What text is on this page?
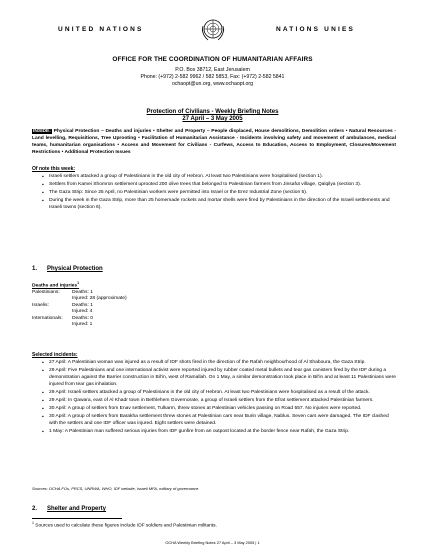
UNITED NATIONS	NATIONS UNIES
OFFICE FOR THE COORDINATION OF HUMANITARIAN AFFAIRS
P.O. Box 38712, East Jerusalem
Phone: (+972) 2-582 9962 / 582 5853, Fax: (+972) 2-582 5841
ochaopt@un.org, www.ochaopt.org
Protection of Civilians - Weekly Briefing Notes
27 April – 3 May 2005
INSIDE: Physical Protection – Deaths and injuries • Shelter and Property – People displaced, House demolitions, Demolition orders • Natural Resources - Land levelling, Requisitions, Tree Uprooting • Facilitation of Humanitarian Assistance - Incidents involving safety and movement of ambulances, medical teams, humanitarian organisations • Access and Movement for Civilians - Curfews, Access to Education, Access to Employment, Closures/Movement Restrictions • Additional Protection Issues
Of note this week:
▪ Israeli settlers attacked a group of Palestinians in the old city of Hebron. At least two Palestinians were hospitalised (section 1).
▪ Settlers from Kamei Shomron settlement uprooted 200 olive trees that belonged to Palestinian farmers from Jinsafut village, Qalqilya (section 3).
▪ The Gaza Strip: Since 25 April, no Palestinian workers were permitted into Israel or the Erez Industrial Zone (section 5).
▪ During the week in the Gaza Strip, more than 25 homemade rockets and mortar shells were fired by Palestinians in the direction of the Israeli settlements and Israeli towns (section 6).
1. Physical Protection
Deaths and injuries$^1$
Palestinians:	Deaths: 1
Injured: 28 (approximate)
Israelis:	Deaths: 1
Injured: 4
Internationals:	Deaths: 0
Injured: 1
Selected incidents:
▪ 27 April: A Palestinian woman was injured as a result of IDF shots fired in the direction of the Rafah neighbourhood of Al Shaboura, the Gaza Strip.
▪ 29 April: Five Palestinians and one international activist were reported injured by rubber coated metal bullets and tear gas canisters fired by the IDF during a demonstration against the Barrier construction in Bil'in, west of Ramallah. On 1 May, a similar demonstration took place in Bil'in and at least 11 Palestinians were injured from tear gas inhalation.
▪ 29 April: Israeli settlers attacked a group of Palestinians in the old city of Hebron. At least two Palestinians were hospitalised as a result of the attack.
▪ 29 April: In Qawara, east of Al Khadr town in Bethlehem Governorate, a group of Israeli settlers from the Efrat settlement attacked Palestinian farmers.
▪ 30 April: A group of settlers from Enav settlement, Tulkarm, threw stones at Palestinian vehicles passing on Road 557. No injuries were reported.
▪ 30 April: A group of settlers from Barakha settlement threw stones at Palestinian cars near Burin village, Nablus. Seven cars were damaged. The IDF clashed with the settlers and one IDF officer was injured. Eight settlers were detained.
▪ 1 May: A Palestinian man suffered serious injuries from IDF gunfire from an outpost located at the border fence near Rafah, the Gaza Strip.
Sources: OCHA FOs, PRCS, UNRWA, WHO, IDF website, Israeli MFA, military of governance.
2. Shelter and Property
$^1$ Sources used to calculate these figures include IDF soldiers and Palestinian militants.
OCHA Weekly Briefing Notes 27 April – 3 May 2005 | 1
